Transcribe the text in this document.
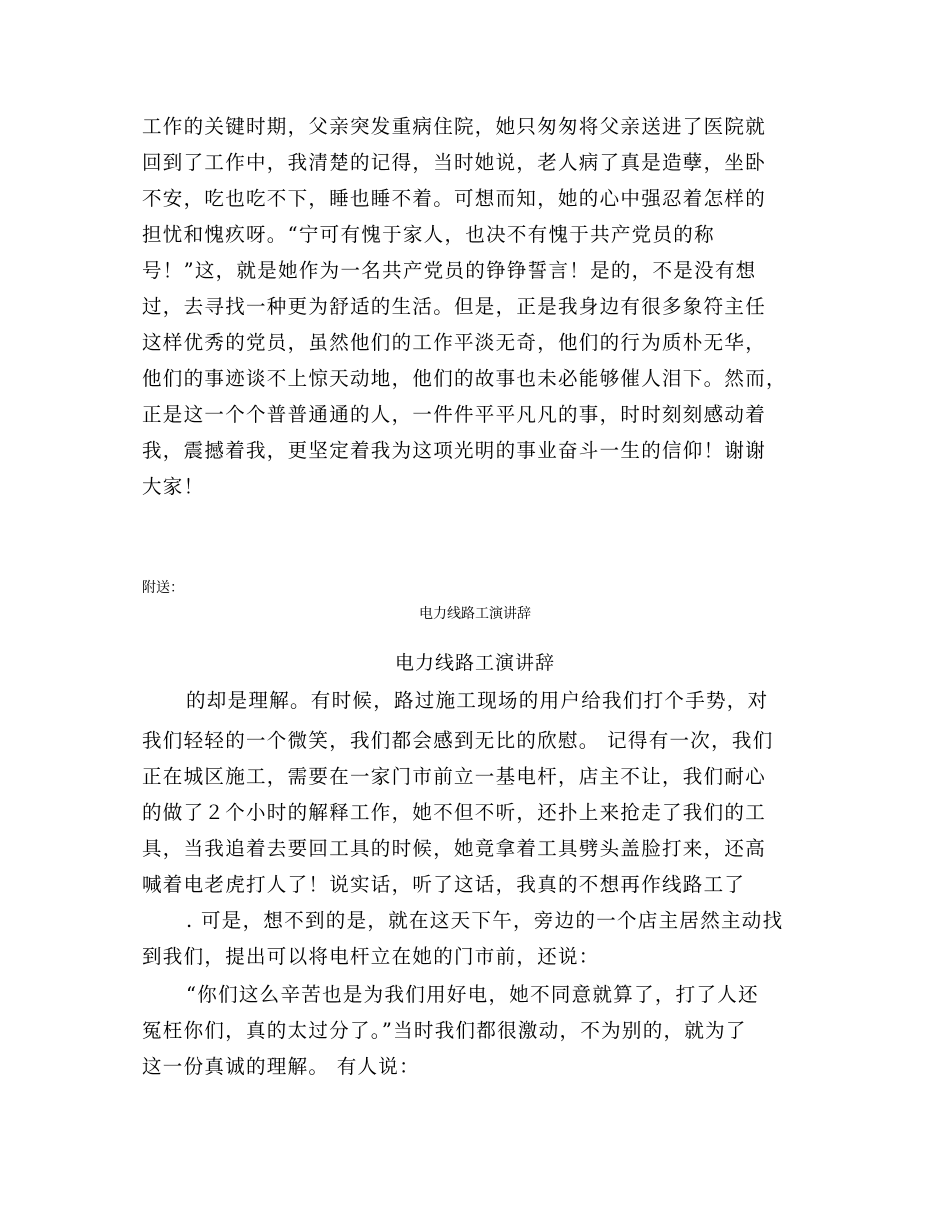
工作的关键时期，父亲突发重病住院，她只匆匆将父亲送进了医院就
回到了工作中，我清楚的记得，当时她说，老人病了真是造孽，坐卧
不安，吃也吃不下，睡也睡不着。可想而知，她的心中强忍着怎样的
担忧和愧疚呀。“宁可有愧于家人，也决不有愧于共产党员的称
号！”这，就是她作为一名共产党员的铮铮誓言！是的，不是没有想
过，去寻找一种更为舒适的生活。但是，正是我身边有很多象符主任
这样优秀的党员，虽然他们的工作平淡无奇，他们的行为质朴无华，
他们的事迹谈不上惊天动地，他们的故事也未必能够催人泪下。然而，
正是这一个个普普通通的人，一件件平平凡凡的事，时时刻刻感动着
我，震撼着我，更坚定着我为这项光明的事业奋斗一生的信仰！谢谢
大家！
附送：
电力线路工演讲辞
电力线路工演讲辞
的却是理解。有时候，路过施工现场的用户给我们打个手势，对
我们轻轻的一个微笑，我们都会感到无比的欣慰。 记得有一次，我们
正在城区施工，需要在一家门市前立一基电杆，店主不让，我们耐心
的做了２个小时的解释工作，她不但不听，还扑上来抢走了我们的工
具，当我追着去要回工具的时候，她竟拿着工具劈头盖脸打来，还高
喊着电老虎打人了！说实话，听了这话，我真的不想再作线路工了
. 可是，想不到的是，就在这天下午，旁边的一个店主居然主动找
到我们，提出可以将电杆立在她的门市前，还说：
“你们这么辛苦也是为我们用好电，她不同意就算了，打了人还
冤枉你们，真的太过分了。”当时我们都很激动，不为别的，就为了
这一份真诚的理解。 有人说：
